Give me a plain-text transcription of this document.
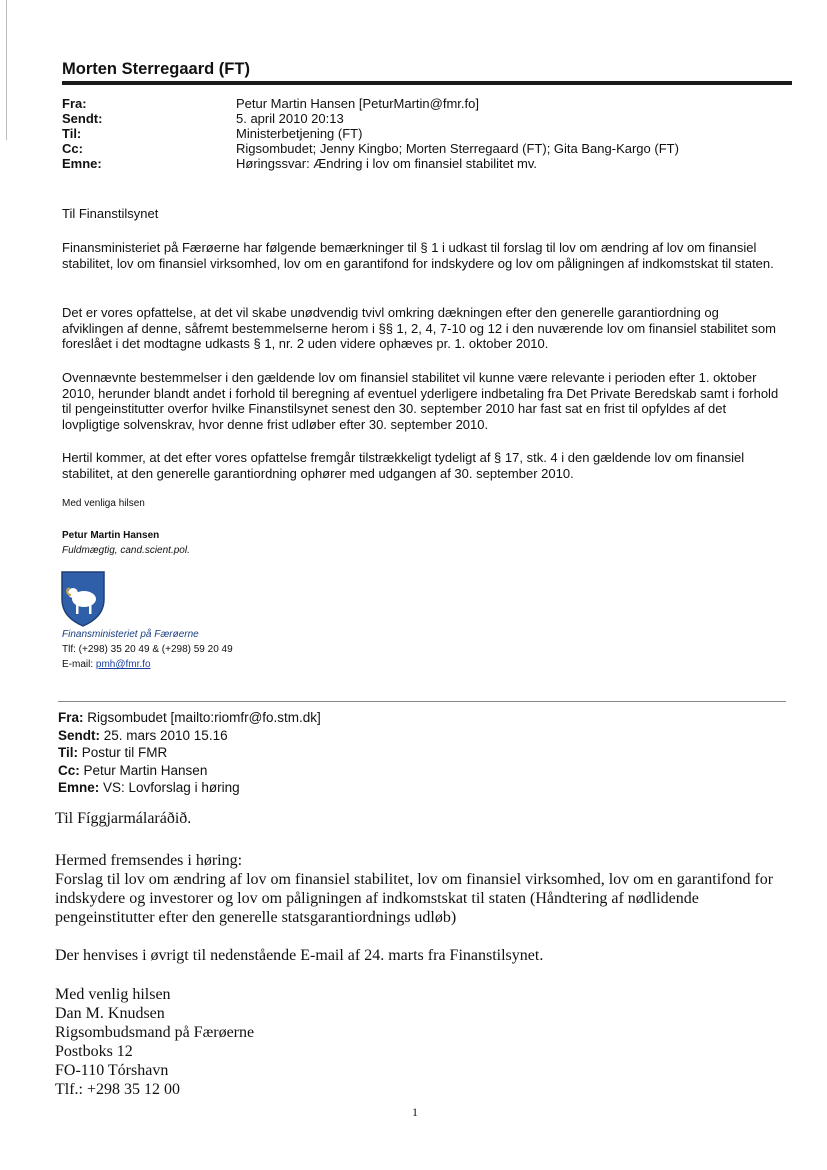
Morten Sterregaard (FT)
Fra:	Petur Martin Hansen [PeturMartin@fmr.fo]
Sendt:	5. april 2010 20:13
Til:	Ministerbetjening (FT)
Cc:	Rigsombudet; Jenny Kingbo; Morten Sterregaard (FT); Gita Bang-Kargo (FT)
Emne:	Høringssvar: Ændring i lov om finansiel stabilitet mv.
Til Finanstilsynet

Finansministeriet på Færøerne har følgende bemærkninger til § 1 i udkast til forslag til lov om ændring af lov om finansiel stabilitet, lov om finansiel virksomhed, lov om en garantifond for indskydere og lov om påligningen af indkomstskat til staten.

Det er vores opfattelse, at det vil skabe unødvendig tvivl omkring dækningen efter den generelle garantiordning og afviklingen af denne, såfremt bestemmelserne herom i §§ 1, 2, 4, 7-10 og 12 i den nuværende lov om finansiel stabilitet som foreslået i det modtagne udkasts § 1, nr. 2 uden videre ophæves pr. 1. oktober 2010.

Ovennævnte bestemmelser i den gældende lov om finansiel stabilitet vil kunne være relevante i perioden efter 1. oktober 2010, herunder blandt andet i forhold til beregning af eventuel yderligere indbetaling fra Det Private Beredskab samt i forhold til pengeinstitutter overfor hvilke Finanstilsynet senest den 30. september 2010 har fast sat en frist til opfyldes af det lovpligtige solvenskrav, hvor denne frist udløber efter 30. september 2010.

Hertil kommer, at det efter vores opfattelse fremgår tilstrækkeligt tydeligt af § 17, stk. 4 i den gældende lov om finansiel stabilitet, at den generelle garantiordning ophører med udgangen af 30. september 2010.

Med venliga hilsen
Petur Martin Hansen
Fuldmægtig, cand.scient.pol.
Finansministeriet på Færøerne
Tlf: (+298) 35 20 49 & (+298) 59 20 49
E-mail: pmh@fmr.fo
Fra: Rigsombudet [mailto:riomfr@fo.stm.dk]
Sendt: 25. mars 2010 15.16
Til: Postur til FMR
Cc: Petur Martin Hansen
Emne: VS: Lovforslag i høring
Til Fíggjarmálaráðið.
Hermed fremsendes i høring:

Forslag til lov om ændring af lov om finansiel stabilitet, lov om finansiel virksomhed, lov om en garantifond for indskydere og investorer og lov om påligningen af indkomstskat til staten (Håndtering af nødlidende pengeinstitutter efter den generelle statsgarantiordnings udløb)

Der henvises i øvrigt til nedenstående E-mail af 24. marts fra Finanstilsynet.
Med venlig hilsen
Dan M. Knudsen
Rigsombudsmand på Færøerne
Postboks 12
FO-110 Tórshavn
Tlf.: +298 35 12 00
1
